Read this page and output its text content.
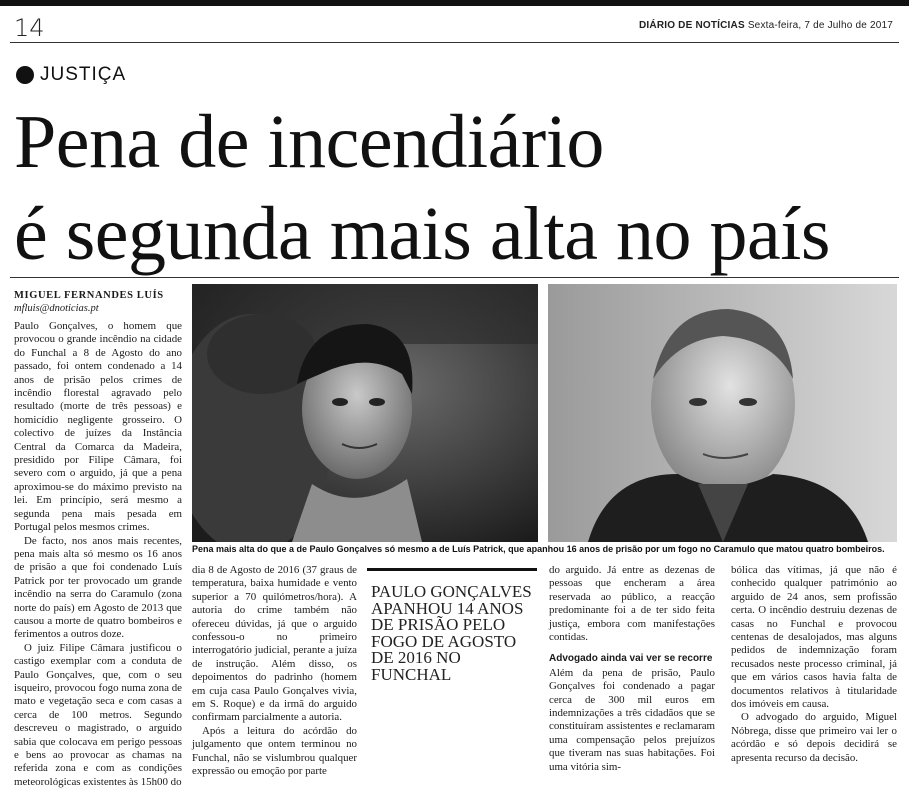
14	DIÁRIO DE NOTÍCIAS Sexta-feira, 7 de Julho de 2017
JUSTIÇA
Pena de incendiário
é segunda mais alta no país
MIGUEL FERNANDES LUÍS
mfluis@dnoticias.pt

Paulo Gonçalves, o homem que provocou o grande incêndio na cidade do Funchal a 8 de Agosto do ano passado, foi ontem condenado a 14 anos de prisão pelos crimes de incêndio florestal agravado pelo resultado (morte de três pessoas) e homicídio negligente grosseiro. O colectivo de juízes da Instância Central da Comarca da Madeira, presidido por Filipe Câmara, foi severo com o arguido, já que a pena aproximou-se do máximo previsto na lei. Em princípio, será mesmo a segunda pena mais pesada em Portugal pelos mesmos crimes.

De facto, nos anos mais recentes, pena mais alta só mesmo os 16 anos de prisão a que foi condenado Luís Patrick por ter provocado um grande incêndio na serra do Caramulo (zona norte do país) em Agosto de 2013 que causou a morte de quatro bombeiros e ferimentos a outros doze.

O juiz Filipe Câmara justificou o castigo exemplar com a conduta de Paulo Gonçalves, que, com o seu isqueiro, provocou fogo numa zona de mato e vegetação seca e com casas a cerca de 100 metros. Segundo descreveu o magistrado, o arguido sabia que colocava em perigo pessoas e bens ao provocar as chamas na referida zona e com as condições meteorológicas existentes às 15h00 do

Pena mais alta do que a de Paulo Gonçalves só mesmo a de Luís Patrick, que apanhou 16 anos de prisão por um fogo no Caramulo que matou quatro bombeiros.

dia 8 de Agosto de 2016 (37 graus de temperatura, baixa humidade e vento superior a 70 quilómetros/hora). A autoria do crime também não ofereceu dúvidas, já que o arguido confessou-o no primeiro interrogatório judicial, perante a juíza de instrução. Além disso, os depoimentos do padrinho (homem em cuja casa Paulo Gonçalves vivia, em S. Roque) e da irmã do arguido confirmam parcialmente a autoria.

Após a leitura do acórdão do julgamento que ontem terminou no Funchal, não se vislumbrou qualquer expressão ou emoção por parte

PAULO GONÇALVES APANHOU 14 ANOS DE PRISÃO PELO FOGO DE AGOSTO DE 2016 NO FUNCHAL

do arguido. Já entre as dezenas de pessoas que encheram a área reservada ao público, a reacção predominante foi a de ter sido feita justiça, embora com manifestações contidas.

Advogado ainda vai ver se recorre

Além da pena de prisão, Paulo Gonçalves foi condenado a pagar cerca de 300 mil euros em indemnizações a três cidadãos que se constituíram assistentes e reclamaram uma compensação pelos prejuízos que tiveram nas suas habitações. Foi uma vitória sim-

bólica das vítimas, já que não é conhecido qualquer património ao arguido de 24 anos, sem profissão certa. O incêndio destruiu dezenas de casas no Funchal e provocou centenas de desalojados, mas alguns pedidos de indemnização foram recusados neste processo criminal, já que em vários casos havia falta de documentos relativos à titularidade dos imóveis em causa.

O advogado do arguido, Miguel Nóbrega, disse que primeiro vai ler o acórdão e só depois decidirá se apresenta recurso da decisão.
